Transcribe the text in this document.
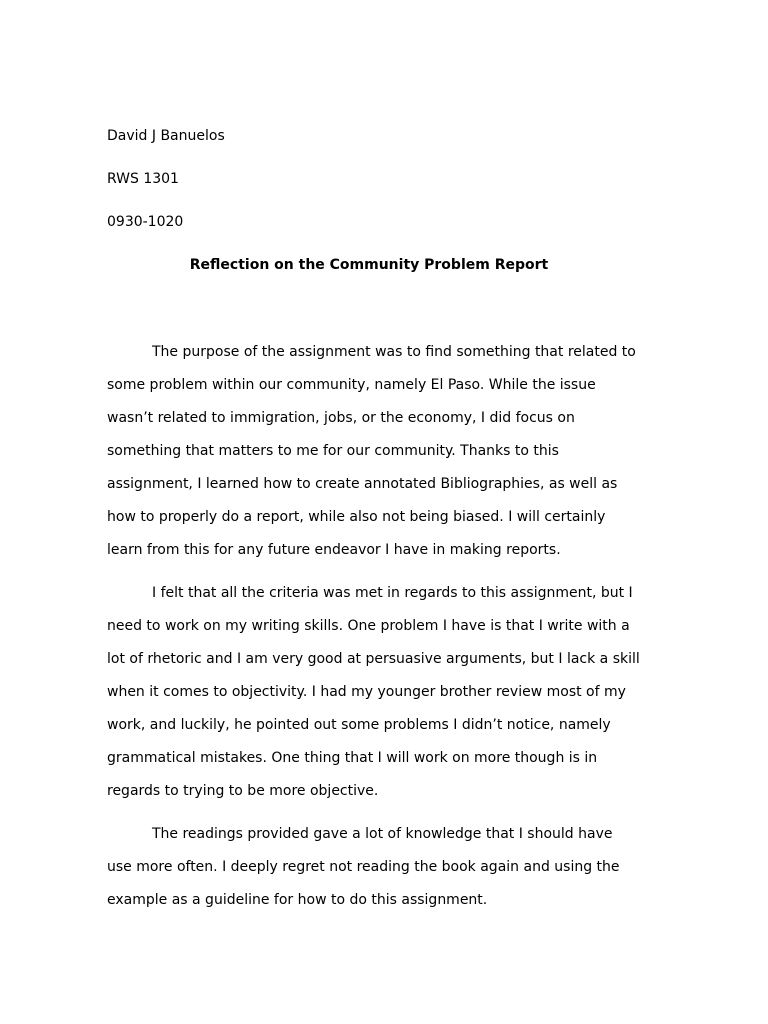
David J Banuelos

RWS 1301

0930-1020

Reflection on the Community Problem Report

The purpose of the assignment was to find something that related to
some problem within our community, namely El Paso. While the issue
wasn’t related to immigration, jobs, or the economy, I did focus on
something that matters to me for our community. Thanks to this
assignment, I learned how to create annotated Bibliographies, as well as
how to properly do a report, while also not being biased. I will certainly
learn from this for any future endeavor I have in making reports.

I felt that all the criteria was met in regards to this assignment, but I
need to work on my writing skills. One problem I have is that I write with a
lot of rhetoric and I am very good at persuasive arguments, but I lack a skill
when it comes to objectivity. I had my younger brother review most of my
work, and luckily, he pointed out some problems I didn’t notice, namely
grammatical mistakes. One thing that I will work on more though is in
regards to trying to be more objective.

The readings provided gave a lot of knowledge that I should have
use more often. I deeply regret not reading the book again and using the
example as a guideline for how to do this assignment.
